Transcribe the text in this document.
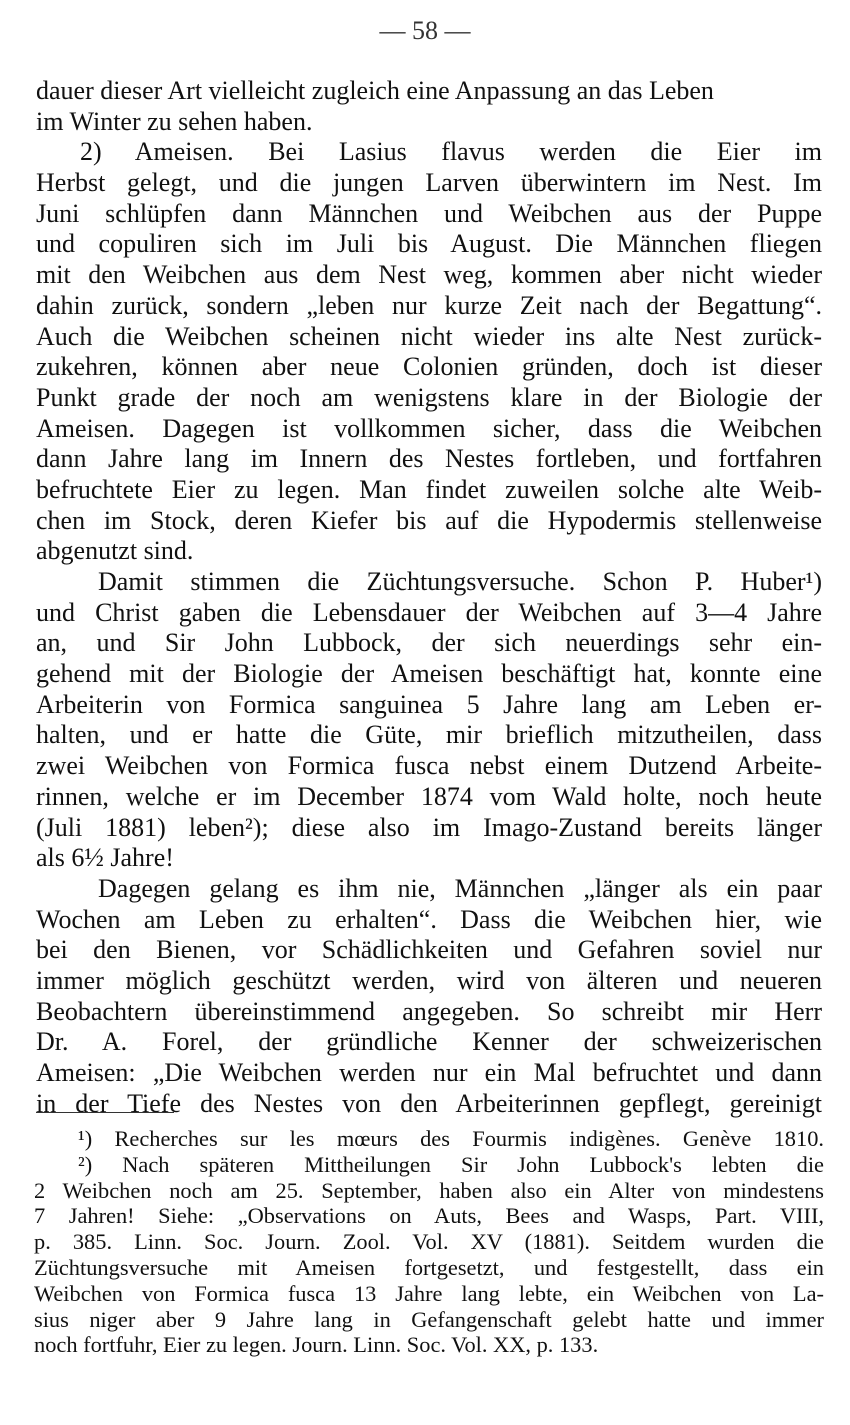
— 58 —
dauer dieser Art vielleicht zugleich eine Anpassung an das Leben
im Winter zu sehen haben.
2) Ameisen. Bei Lasius flavus werden die Eier im
Herbst gelegt, und die jungen Larven überwintern im Nest. Im
Juni schlüpfen dann Männchen und Weibchen aus der Puppe
und copuliren sich im Juli bis August. Die Männchen fliegen
mit den Weibchen aus dem Nest weg, kommen aber nicht wieder
dahin zurück, sondern „leben nur kurze Zeit nach der Begattung“.
Auch die Weibchen scheinen nicht wieder ins alte Nest zurück-
zukehren, können aber neue Colonien gründen, doch ist dieser
Punkt grade der noch am wenigstens klare in der Biologie der
Ameisen. Dagegen ist vollkommen sicher, dass die Weibchen
dann Jahre lang im Innern des Nestes fortleben, und fortfahren
befruchtete Eier zu legen. Man findet zuweilen solche alte Weib-
chen im Stock, deren Kiefer bis auf die Hypodermis stellenweise
abgenutzt sind.
Damit stimmen die Züchtungsversuche. Schon P. Huber¹)
und Christ gaben die Lebensdauer der Weibchen auf 3—4 Jahre
an, und Sir John Lubbock, der sich neuerdings sehr ein-
gehend mit der Biologie der Ameisen beschäftigt hat, konnte eine
Arbeiterin von Formica sanguinea 5 Jahre lang am Leben er-
halten, und er hatte die Güte, mir brieflich mitzutheilen, dass
zwei Weibchen von Formica fusca nebst einem Dutzend Arbeite-
rinnen, welche er im December 1874 vom Wald holte, noch heute
(Juli 1881) leben²); diese also im Imago-Zustand bereits länger
als 6½ Jahre!
Dagegen gelang es ihm nie, Männchen „länger als ein paar
Wochen am Leben zu erhalten“. Dass die Weibchen hier, wie
bei den Bienen, vor Schädlichkeiten und Gefahren soviel nur
immer möglich geschützt werden, wird von älteren und neueren
Beobachtern übereinstimmend angegeben. So schreibt mir Herr
Dr. A. Forel, der gründliche Kenner der schweizerischen
Ameisen: „Die Weibchen werden nur ein Mal befruchtet und dann
in der Tiefe des Nestes von den Arbeiterinnen gepflegt, gereinigt
¹) Recherches sur les mœurs des Fourmis indigènes. Genève 1810.
²) Nach späteren Mittheilungen Sir John Lubbock's lebten die
2 Weibchen noch am 25. September, haben also ein Alter von mindestens
7 Jahren! Siehe: „Observations on Auts, Bees and Wasps, Part. VIII,
p. 385. Linn. Soc. Journ. Zool. Vol. XV (1881). Seitdem wurden die
Züchtungsversuche mit Ameisen fortgesetzt, und festgestellt, dass ein
Weibchen von Formica fusca 13 Jahre lang lebte, ein Weibchen von La-
sius niger aber 9 Jahre lang in Gefangenschaft gelebt hatte und immer
noch fortfuhr, Eier zu legen. Journ. Linn. Soc. Vol. XX, p. 133.
